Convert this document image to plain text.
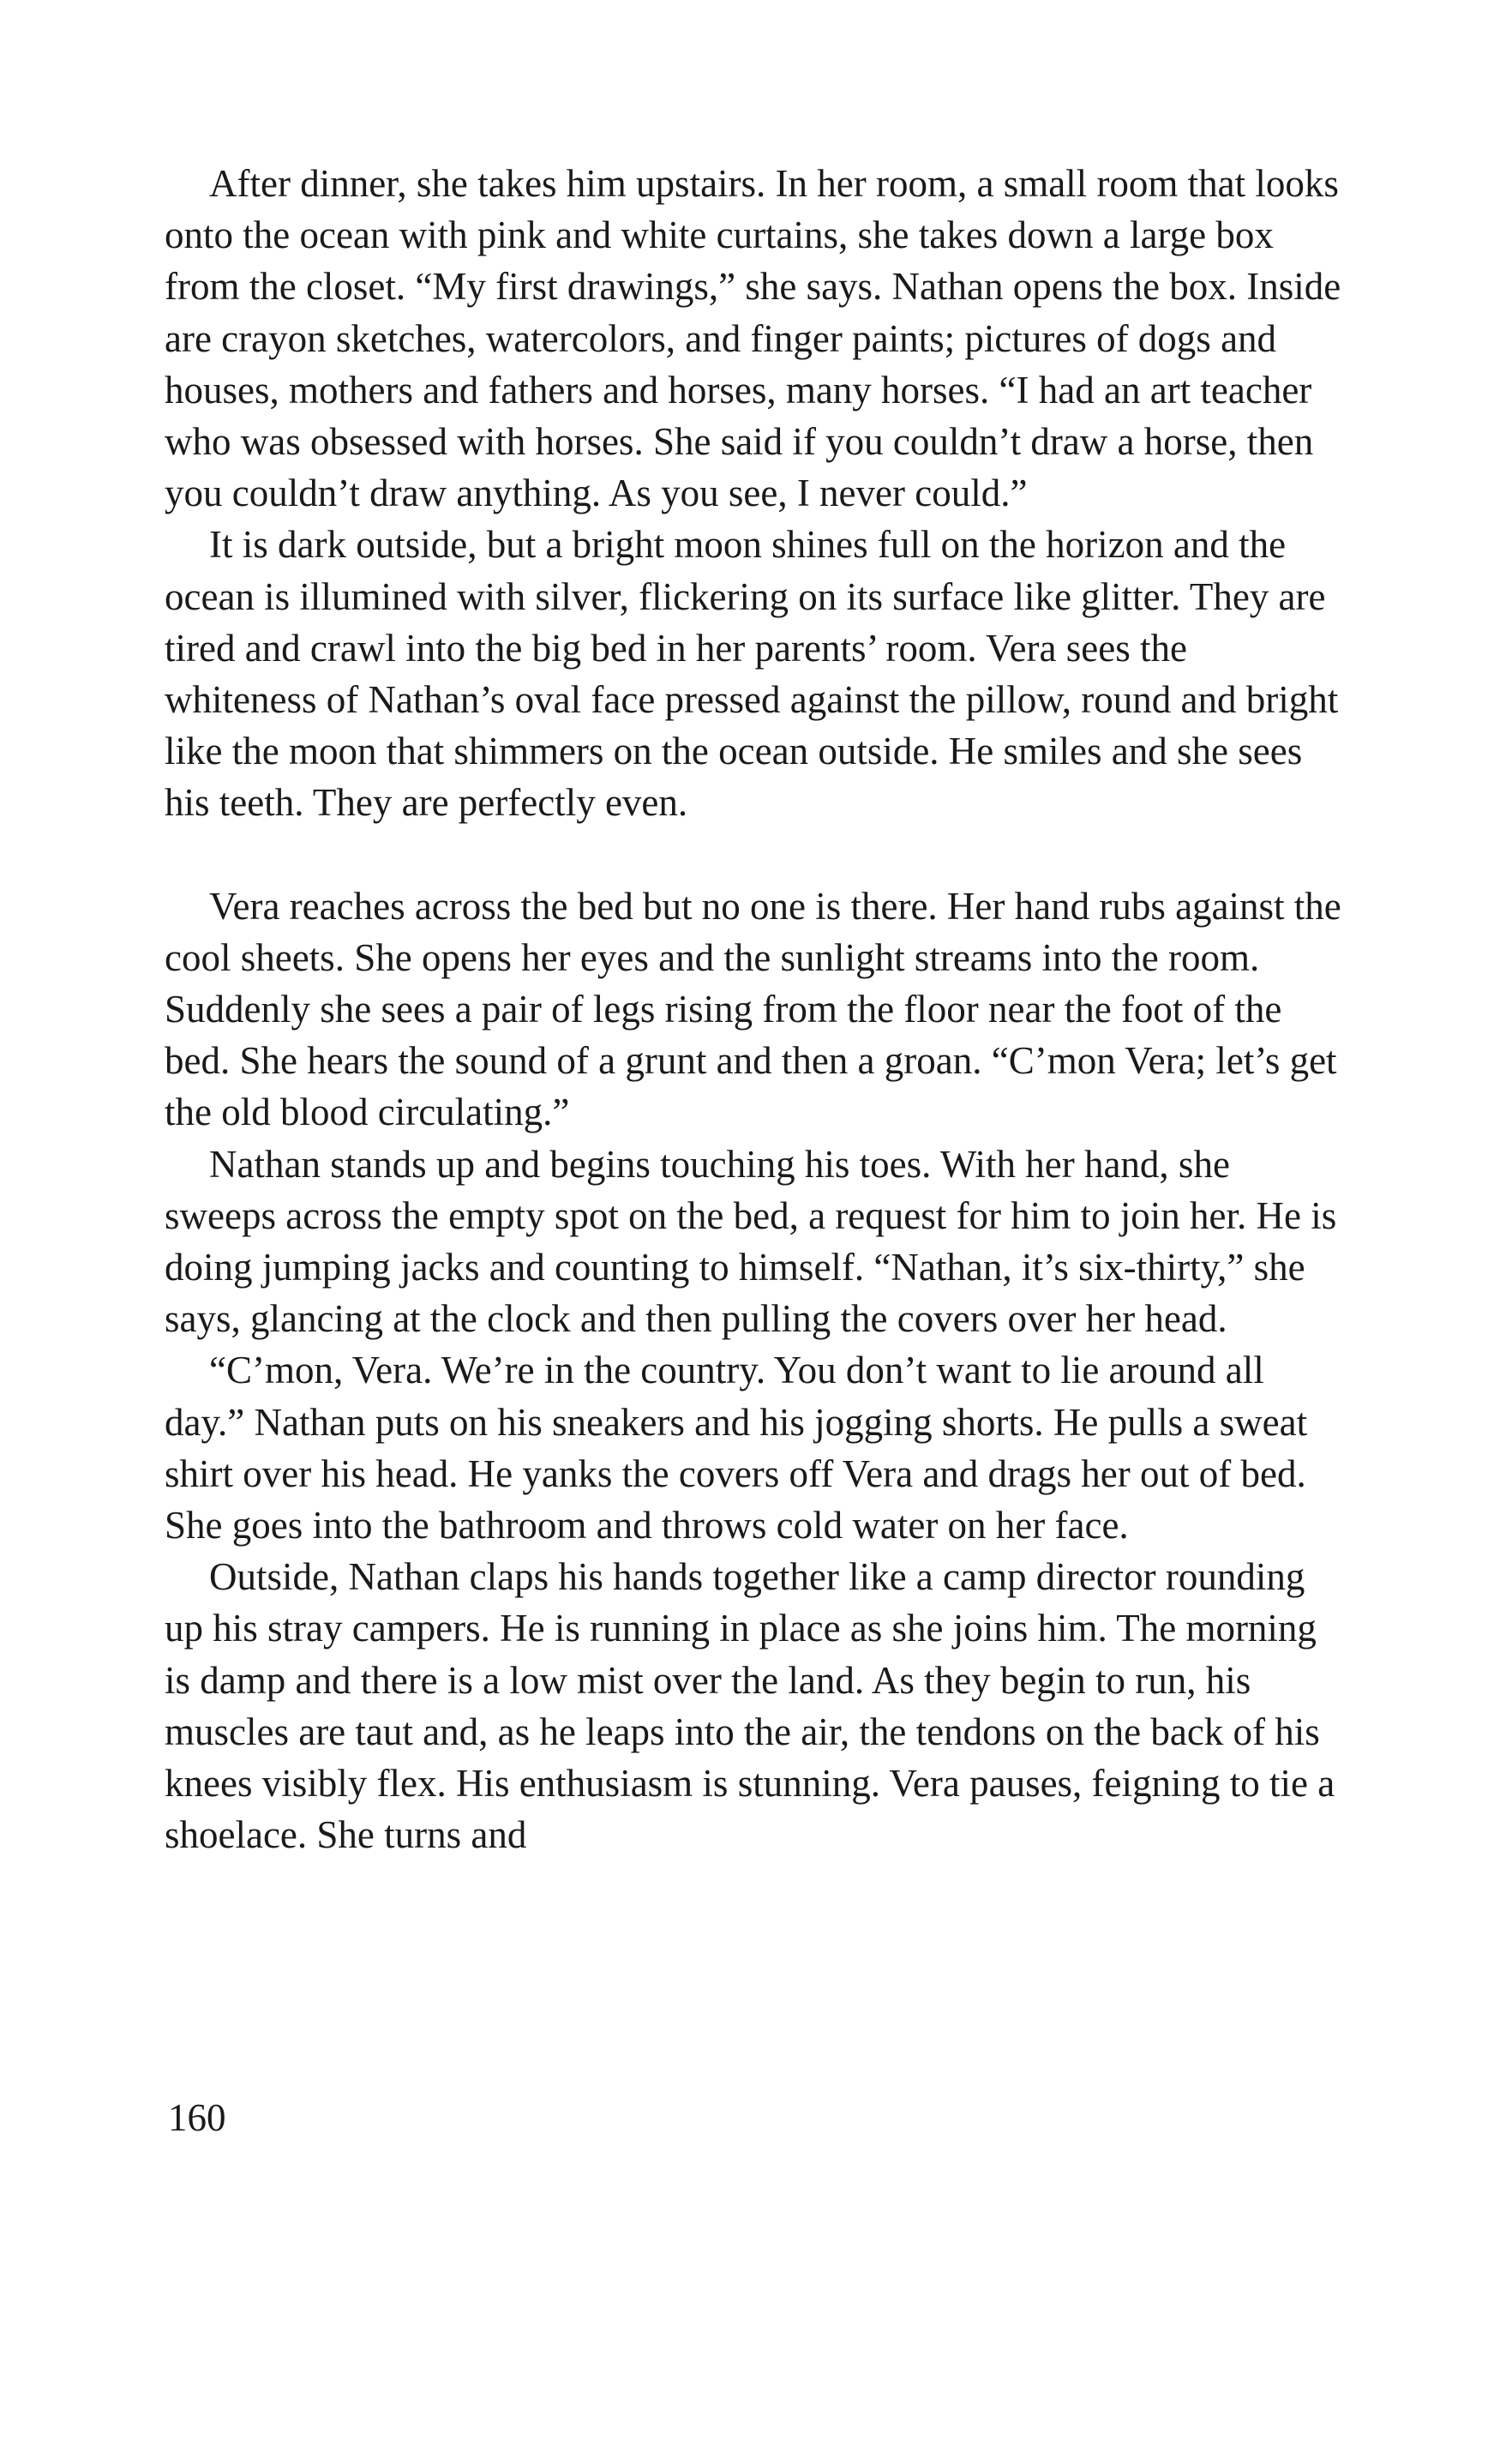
After dinner, she takes him upstairs. In her room, a small room that looks onto the ocean with pink and white curtains, she takes down a large box from the closet. “My first drawings,” she says. Nathan opens the box. Inside are crayon sketches, watercolors, and finger paints; pictures of dogs and houses, mothers and fathers and horses, many horses. “I had an art teacher who was obsessed with horses. She said if you couldn’t draw a horse, then you couldn’t draw anything. As you see, I never could.”

It is dark outside, but a bright moon shines full on the horizon and the ocean is illumined with silver, flickering on its surface like glitter. They are tired and crawl into the big bed in her parents’ room. Vera sees the whiteness of Nathan’s oval face pressed against the pillow, round and bright like the moon that shimmers on the ocean outside. He smiles and she sees his teeth. They are perfectly even.

Vera reaches across the bed but no one is there. Her hand rubs against the cool sheets. She opens her eyes and the sunlight streams into the room. Suddenly she sees a pair of legs rising from the floor near the foot of the bed. She hears the sound of a grunt and then a groan. “C’mon Vera; let’s get the old blood circulating.”

Nathan stands up and begins touching his toes. With her hand, she sweeps across the empty spot on the bed, a request for him to join her. He is doing jumping jacks and counting to himself. “Nathan, it’s six-thirty,” she says, glancing at the clock and then pulling the covers over her head.

“C’mon, Vera. We’re in the country. You don’t want to lie around all day.” Nathan puts on his sneakers and his jogging shorts. He pulls a sweat shirt over his head. He yanks the covers off Vera and drags her out of bed. She goes into the bathroom and throws cold water on her face.

Outside, Nathan claps his hands together like a camp director rounding up his stray campers. He is running in place as she joins him. The morning is damp and there is a low mist over the land. As they begin to run, his muscles are taut and, as he leaps into the air, the tendons on the back of his knees visibly flex. His enthusiasm is stunning. Vera pauses, feigning to tie a shoelace. She turns and

160
